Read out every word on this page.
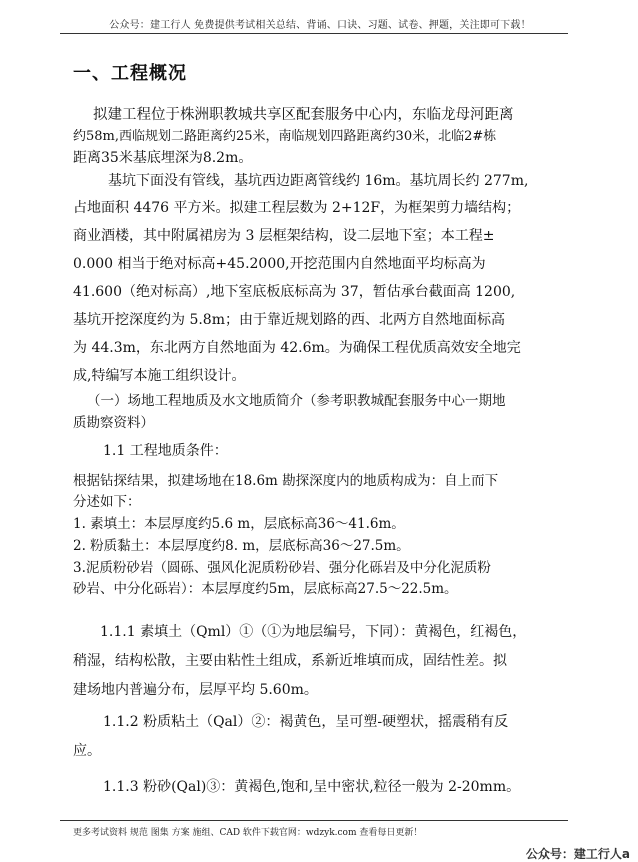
公众号：建工行人 免费提供考试相关总结、背诵、口诀、习题、试卷、押题，关注即可下载！
一、工程概况
拟建工程位于株洲职教城共享区配套服务中心内，东临龙母河距离
约58m,西临规划二路距离约25米，南临规划四路距离约30米，北临2#栋
距离35米基底埋深为8.2m。
基坑下面没有管线，基坑西边距离管线约 16m。基坑周长约 277m,
占地面积 4476 平方米。拟建工程层数为 2+12F，为框架剪力墙结构；
商业酒楼，其中附属裙房为 3 层框架结构，设二层地下室；本工程±
0.000 相当于绝对标高+45.2000,开挖范围内自然地面平均标高为
41.600（绝对标高）,地下室底板底标高为 37，暂估承台截面高 1200,
基坑开挖深度约为 5.8m；由于靠近规划路的西、北两方自然地面标高
为 44.3m，东北两方自然地面为 42.6m。为确保工程优质高效安全地完
成,特编写本施工组织设计。
（一）场地工程地质及水文地质简介（参考职教城配套服务中心一期地
质勘察资料）
1.1 工程地质条件：
根据钻探结果，拟建场地在18.6m 勘探深度内的地质构成为：自上而下
分述如下：
1. 素填土：本层厚度约5.6 m，层底标高36～41.6m。
2. 粉质黏土：本层厚度约8. m，层底标高36～27.5m。
3.泥质粉砂岩（圆砾、强风化泥质粉砂岩、强分化砾岩及中分化泥质粉
砂岩、中分化砾岩）：本层厚度约5m，层底标高27.5～22.5m。
1.1.1 素填土（Qml）①（①为地层编号，下同）：黄褐色，红褐色，
稍湿，结构松散，主要由粘性土组成，系新近堆填而成，固结性差。拟
建场地内普遍分布，层厚平均 5.60m。
1.1.2 粉质粘土（Qal）②：褐黄色，呈可塑-硬塑状，摇震稍有反
应。
1.1.3 粉砂(Qal)③：黄褐色,饱和,呈中密状,粒径一般为 2-20mm。
更多考试资料 规范 图集 方案 施组、CAD 软件下载官网：wdzyk.com 查看每日更新！
公众号：建工行人a
